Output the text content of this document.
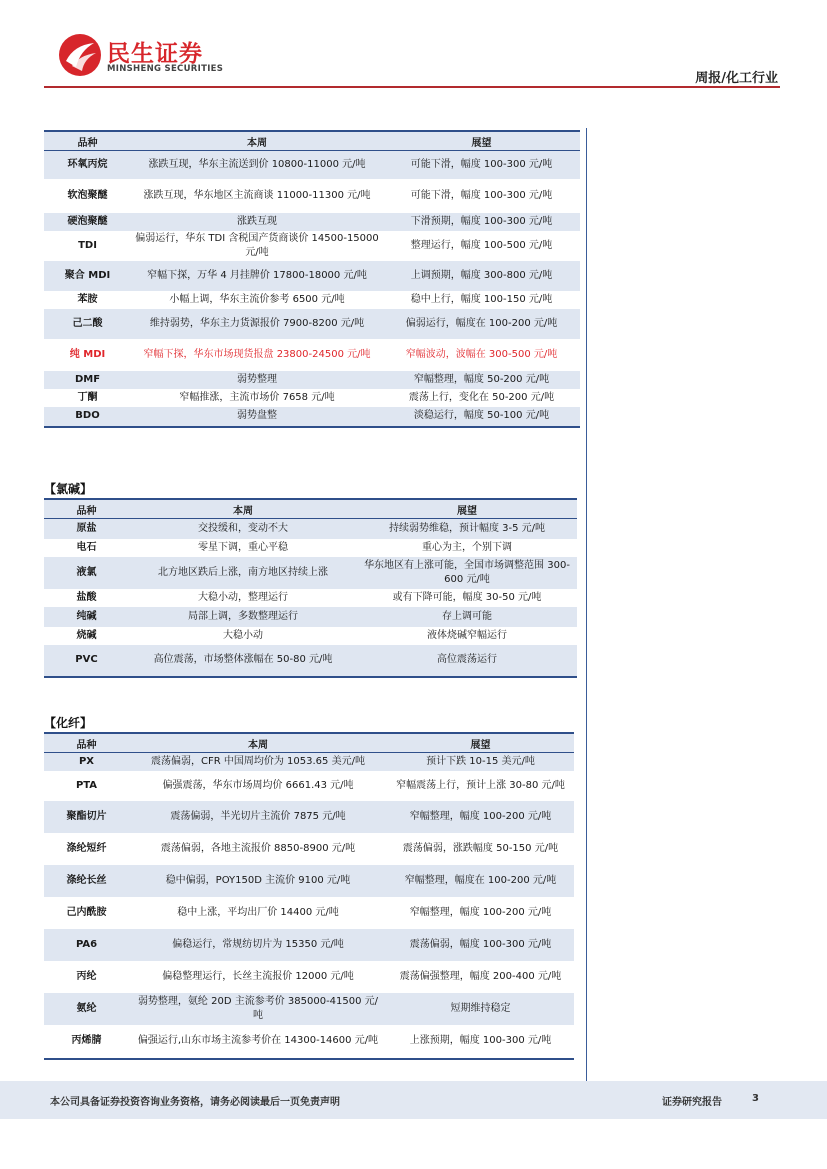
民生证券
MINSHENG SECURITIES
周报/化工行业
品种	本周	展望
环氧丙烷	涨跌互现，华东主流送到价 10800-11000 元/吨	可能下滑，幅度 100-300 元/吨
软泡聚醚	涨跌互现，华东地区主流商谈 11000-11300 元/吨	可能下滑，幅度 100-300 元/吨
硬泡聚醚	涨跌互现	下滑预期，幅度 100-300 元/吨
TDI	偏弱运行，华东 TDI 含税国产货商谈价 14500-15000 元/吨	整理运行，幅度 100-500 元/吨
聚合 MDI	窄幅下探，万华 4 月挂牌价 17800-18000 元/吨	上调预期，幅度 300-800 元/吨
苯胺	小幅上调，华东主流价参考 6500 元/吨	稳中上行，幅度 100-150 元/吨
己二酸	维持弱势，华东主力货源报价 7900-8200 元/吨	偏弱运行，幅度在 100-200 元/吨
纯 MDI	窄幅下探，华东市场现货报盘 23800-24500 元/吨	窄幅波动，波幅在 300-500 元/吨
DMF	弱势整理	窄幅整理，幅度 50-200 元/吨
丁酮	窄幅推涨，主流市场价 7658 元/吨	震荡上行，变化在 50-200 元/吨
BDO	弱势盘整	淡稳运行，幅度 50-100 元/吨
【氯碱】
品种	本周	展望
原盐	交投缓和，变动不大	持续弱势维稳，预计幅度 3-5 元/吨
电石	零星下调，重心平稳	重心为主，个别下调
液氯	北方地区跌后上涨，南方地区持续上涨	华东地区有上涨可能，全国市场调整范围 300-600 元/吨
盐酸	大稳小动，整理运行	或有下降可能，幅度 30-50 元/吨
纯碱	局部上调，多数整理运行	存上调可能
烧碱	大稳小动	液体烧碱窄幅运行
PVC	高位震荡，市场整体涨幅在 50-80 元/吨	高位震荡运行
【化纤】
品种	本周	展望
PX	震荡偏弱，CFR 中国周均价为 1053.65 美元/吨	预计下跌 10-15 美元/吨
PTA	偏强震荡，华东市场周均价 6661.43 元/吨	窄幅震荡上行，预计上涨 30-80 元/吨
聚酯切片	震荡偏弱，半光切片主流价 7875 元/吨	窄幅整理，幅度 100-200 元/吨
涤纶短纤	震荡偏弱，各地主流报价 8850-8900 元/吨	震荡偏弱，涨跌幅度 50-150 元/吨
涤纶长丝	稳中偏弱，POY150D 主流价 9100 元/吨	窄幅整理，幅度在 100-200 元/吨
己内酰胺	稳中上涨，平均出厂价 14400 元/吨	窄幅整理，幅度 100-200 元/吨
PA6	偏稳运行，常规纺切片为 15350 元/吨	震荡偏弱，幅度 100-300 元/吨
丙纶	偏稳整理运行，长丝主流报价 12000 元/吨	震荡偏强整理，幅度 200-400 元/吨
氨纶	弱势整理，氨纶 20D 主流参考价 385000-41500 元/吨	短期维持稳定
丙烯腈	偏强运行,山东市场主流参考价在 14300-14600 元/吨	上涨预期，幅度 100-300 元/吨
本公司具备证券投资咨询业务资格，请务必阅读最后一页免责声明	证券研究报告	3
